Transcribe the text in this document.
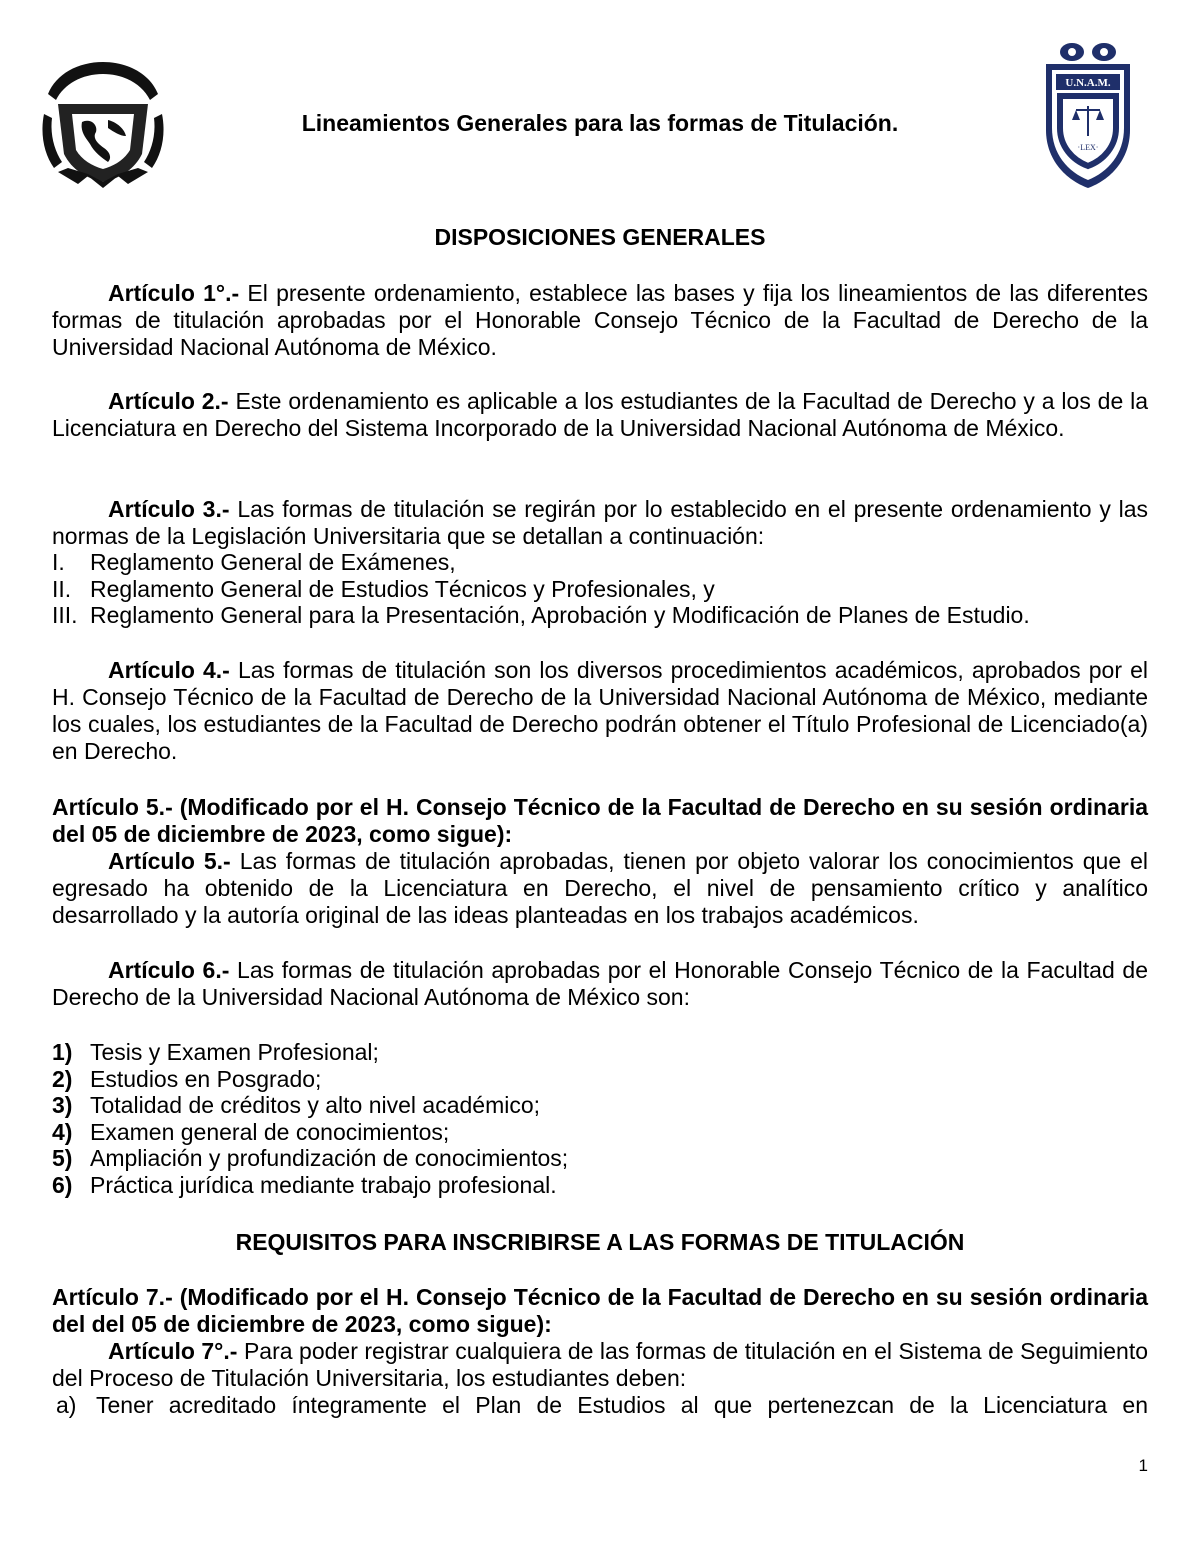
U.N.A.M.
·LEX·
Lineamientos Generales para las formas de Titulación.
DISPOSICIONES GENERALES
Artículo 1°.- El presente ordenamiento, establece las bases y fija los lineamientos de las diferentes formas de titulación aprobadas por el Honorable Consejo Técnico de la Facultad de Derecho de la Universidad Nacional Autónoma de México.
Artículo 2.- Este ordenamiento es aplicable a los estudiantes de la Facultad de Derecho y a los de la Licenciatura en Derecho del Sistema Incorporado de la Universidad Nacional Autónoma de México.
Artículo 3.- Las formas de titulación se regirán por lo establecido en el presente ordenamiento y las normas de la Legislación Universitaria que se detallan a continuación:
I.	Reglamento General de Exámenes,
II. Reglamento General de Estudios Técnicos y Profesionales, y
III. Reglamento General para la Presentación, Aprobación y Modificación de Planes de Estudio.
Artículo 4.- Las formas de titulación son los diversos procedimientos académicos, aprobados por el H. Consejo Técnico de la Facultad de Derecho de la Universidad Nacional Autónoma de México, mediante los cuales, los estudiantes de la Facultad de Derecho podrán obtener el Título Profesional de Licenciado(a) en Derecho.
Artículo 5.- (Modificado por el H. Consejo Técnico de la Facultad de Derecho en su sesión ordinaria del 05 de diciembre de 2023, como sigue):
Artículo 5.- Las formas de titulación aprobadas, tienen por objeto valorar los conocimientos que el egresado ha obtenido de la Licenciatura en Derecho, el nivel de pensamiento crítico y analítico desarrollado y la autoría original de las ideas planteadas en los trabajos académicos.
Artículo 6.- Las formas de titulación aprobadas por el Honorable Consejo Técnico de la Facultad de Derecho de la Universidad Nacional Autónoma de México son:
1) Tesis y Examen Profesional;
2) Estudios en Posgrado;
3) Totalidad de créditos y alto nivel académico;
4) Examen general de conocimientos;
5) Ampliación y profundización de conocimientos;
6) Práctica jurídica mediante trabajo profesional.
REQUISITOS PARA INSCRIBIRSE A LAS FORMAS DE TITULACIÓN
Artículo 7.- (Modificado por el H. Consejo Técnico de la Facultad de Derecho en su sesión ordinaria del del 05 de diciembre de 2023, como sigue):
Artículo 7°.- Para poder registrar cualquiera de las formas de titulación en el Sistema de Seguimiento del Proceso de Titulación Universitaria, los estudiantes deben:
a) Tener acreditado íntegramente el Plan de Estudios al que pertenezcan de la Licenciatura en
1
